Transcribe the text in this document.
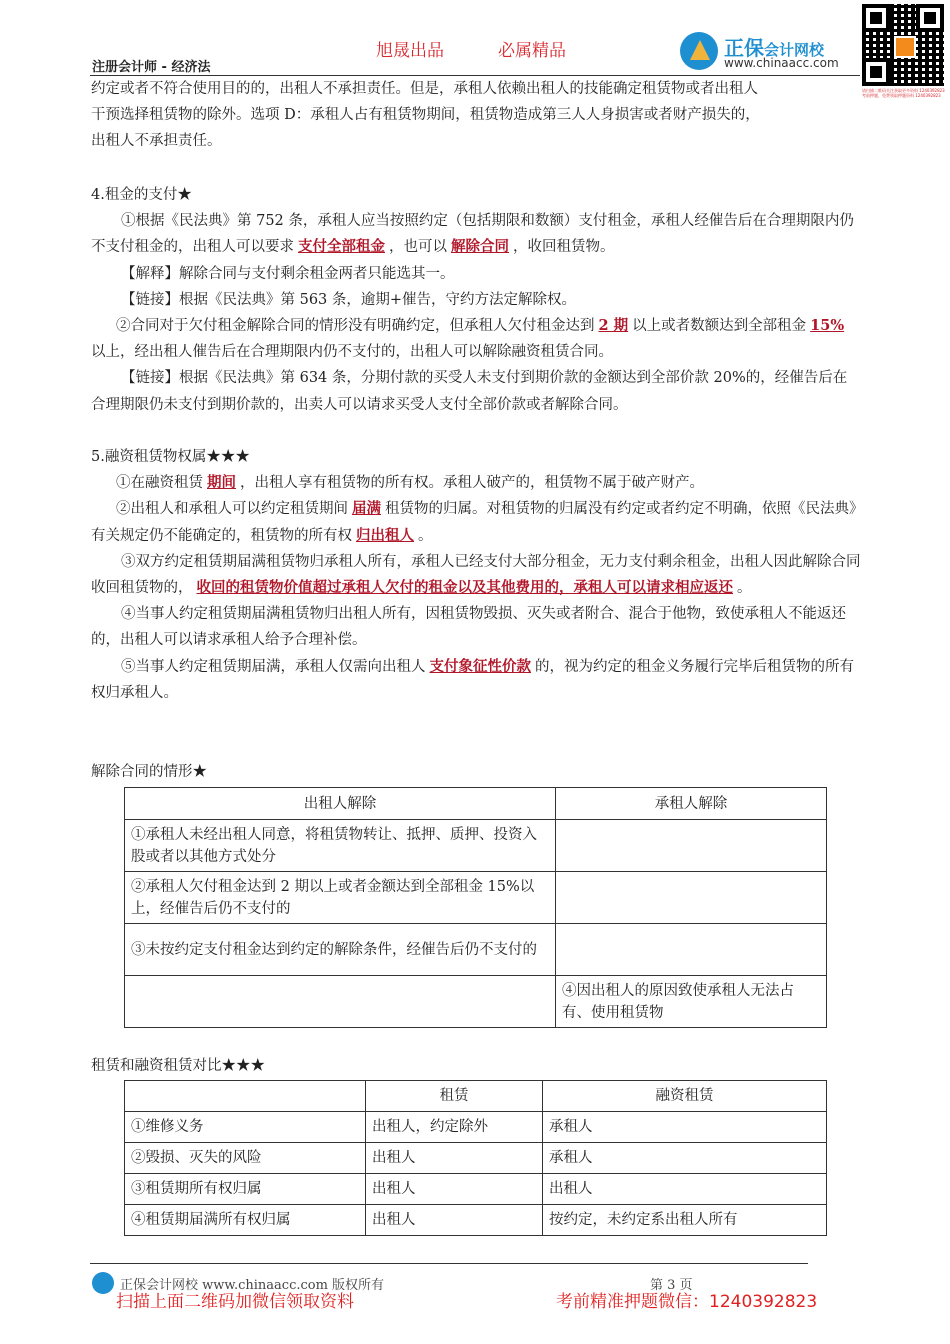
旭晟出品	必属精品
注册会计师 - 经济法
正保会计网校
www.chinaacc.com
请扫描二维码关注获取更多资料 1240392823 考前押题，免费领取押题资料 1240392823

约定或者不符合使用目的的，出租人不承担责任。但是，承租人依赖出租人的技能确定租赁物或者出租人

干预选择租赁物的除外。选项 D：承租人占有租赁物期间，租赁物造成第三人人身损害或者财产损失的，

出租人不承担责任。

4.租金的支付★

①根据《民法典》第 752 条，承租人应当按照约定（包括期限和数额）支付租金，承租人经催告后在合理期限内仍不支付租金的，出租人可以要求 支付全部租金 ，也可以 解除合同 ，收回租赁物。

【解释】解除合同与支付剩余租金两者只能选其一。

【链接】根据《民法典》第 563 条，逾期+催告，守约方法定解除权。

②合同对于欠付租金解除合同的情形没有明确约定，但承租人欠付租金达到 2 期 以上或者数额达到全部租金 15%以上，经出租人催告后在合理期限内仍不支付的，出租人可以解除融资租赁合同。

【链接】根据《民法典》第 634 条，分期付款的买受人未支付到期价款的金额达到全部价款 20%的，经催告后在合理期限仍未支付到期价款的，出卖人可以请求买受人支付全部价款或者解除合同。

5.融资租赁物权属★★★

①在融资租赁 期间 ，出租人享有租赁物的所有权。承租人破产的，租赁物不属于破产财产。

②出租人和承租人可以约定租赁期间 届满 租赁物的归属。对租赁物的归属没有约定或者约定不明确，依照《民法典》有关规定仍不能确定的，租赁物的所有权 归出租人 。

③双方约定租赁期届满租赁物归承租人所有，承租人已经支付大部分租金，无力支付剩余租金，出租人因此解除合同收回租赁物的， 收回的租赁物价值超过承租人欠付的租金以及其他费用的，承租人可以请求相应返还 。

④当事人约定租赁期届满租赁物归出租人所有，因租赁物毁损、灭失或者附合、混合于他物，致使承租人不能返还的，出租人可以请求承租人给予合理补偿。

⑤当事人约定租赁期届满，承租人仅需向出租人 支付象征性价款 的，视为约定的租金义务履行完毕后租赁物的所有权归承租人。

解除合同的情形★
出租人解除	承租人解除
①承租人未经出租人同意，将租赁物转让、抵押、质押、投资入股或者以其他方式处分	
②承租人欠付租金达到 2 期以上或者金额达到全部租金 15%以上，经催告后仍不支付的	
③未按约定支付租金达到约定的解除条件，经催告后仍不支付的	
	④因出租人的原因致使承租人无法占有、使用租赁物
租赁和融资租赁对比★★★
	租赁	融资租赁
①维修义务	出租人，约定除外	承租人
②毁损、灭失的风险	出租人	承租人
③租赁期所有权归属	出租人	出租人
④租赁期届满所有权归属	出租人	按约定，未约定系出租人所有
正保会计网校 www.chinaacc.com 版权所有	第 3 页
扫描上面二维码加微信领取资料	考前精准押题微信：1240392823
